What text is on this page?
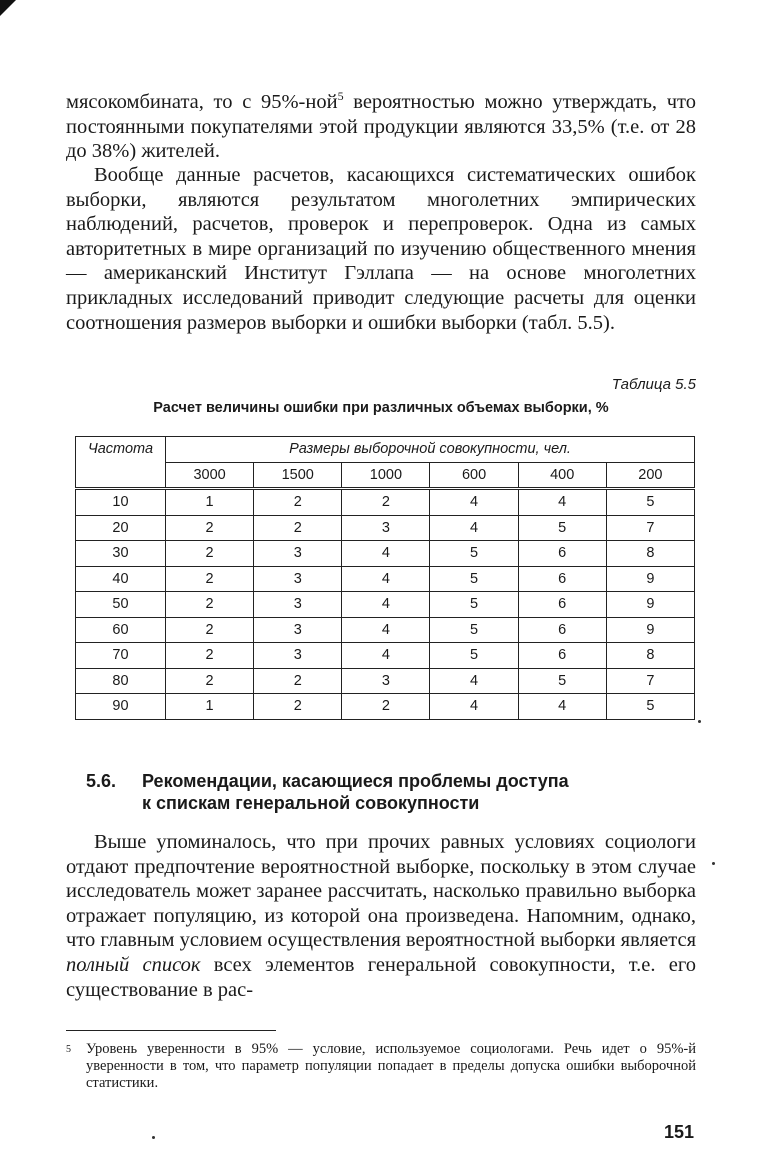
мясокомбината, то с 95%-ной$^5$ вероятностью можно утверждать, что постоянными покупателями этой продукции являются 33,5% (т.е. от 28 до 38%) жителей.

Вообще данные расчетов, касающихся систематических ошибок выборки, являются результатом многолетних эмпирических наблюдений, расчетов, проверок и перепроверок. Одна из самых авторитетных в мире организаций по изучению общественного мнения — американский Институт Гэллапа — на основе многолетних прикладных исследований приводит следующие расчеты для оценки соотношения размеров выборки и ошибки выборки (табл. 5.5).

Таблица 5.5
Расчет величины ошибки при различных объемах выборки, %
Частота	Размеры выборочной совокупности, чел.					
	3000	1500	1000	600	400	200
10	1	2	2	4	4	5
20	2	2	3	4	5	7
30	2	3	4	5	6	8
40	2	3	4	5	6	9
50	2	3	4	5	6	9
60	2	3	4	5	6	9
70	2	3	4	5	6	8
80	2	2	3	4	5	7
90	1	2	2	4	4	5
5.6. Рекомендации, касающиеся проблемы доступа
к спискам генеральной совокупности

Выше упоминалось, что при прочих равных условиях социологи отдают предпочтение вероятностной выборке, поскольку в этом случае исследователь может заранее рассчитать, насколько правильно выборка отражает популяцию, из которой она произведена. Напомним, однако, что главным условием осуществления вероятностной выборки является полный список всех элементов генеральной совокупности, т.е. его существование в рас-

5 Уровень уверенности в 95% — условие, используемое социологами. Речь идет о 95%-й уверенности в том, что параметр популяции попадает в пределы допуска ошибки выборочной статистики.
151
